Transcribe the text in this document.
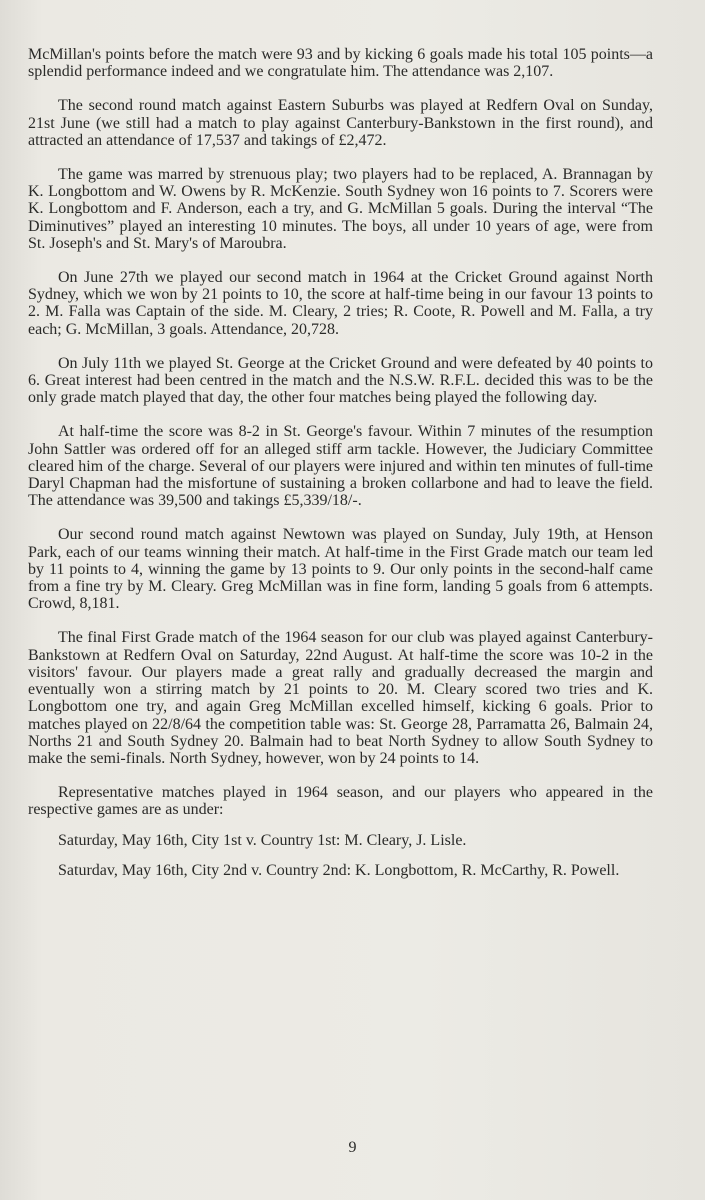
McMillan's points before the match were 93 and by kicking 6 goals made his total 105 points—a splendid performance indeed and we congratulate him. The attendance was 2,107.

The second round match against Eastern Suburbs was played at Redfern Oval on Sunday, 21st June (we still had a match to play against Canterbury-Bankstown in the first round), and attracted an attendance of 17,537 and takings of £2,472.

The game was marred by strenuous play; two players had to be replaced, A. Brannagan by K. Longbottom and W. Owens by R. McKenzie. South Sydney won 16 points to 7. Scorers were K. Longbottom and F. Anderson, each a try, and G. McMillan 5 goals. During the interval “The Diminutives” played an interesting 10 minutes. The boys, all under 10 years of age, were from St. Joseph's and St. Mary's of Maroubra.

On June 27th we played our second match in 1964 at the Cricket Ground against North Sydney, which we won by 21 points to 10, the score at half-time being in our favour 13 points to 2. M. Falla was Captain of the side. M. Cleary, 2 tries; R. Coote, R. Powell and M. Falla, a try each; G. McMillan, 3 goals. Attendance, 20,728.

On July 11th we played St. George at the Cricket Ground and were defeated by 40 points to 6. Great interest had been centred in the match and the N.S.W. R.F.L. decided this was to be the only grade match played that day, the other four matches being played the following day.

At half-time the score was 8-2 in St. George's favour. Within 7 minutes of the resumption John Sattler was ordered off for an alleged stiff arm tackle. However, the Judiciary Committee cleared him of the charge. Several of our players were injured and within ten minutes of full-time Daryl Chapman had the misfortune of sustaining a broken collarbone and had to leave the field. The attendance was 39,500 and takings £5,339/18/-.

Our second round match against Newtown was played on Sunday, July 19th, at Henson Park, each of our teams winning their match. At half-time in the First Grade match our team led by 11 points to 4, winning the game by 13 points to 9. Our only points in the second-half came from a fine try by M. Cleary. Greg McMillan was in fine form, landing 5 goals from 6 attempts. Crowd, 8,181.

The final First Grade match of the 1964 season for our club was played against Canterbury-Bankstown at Redfern Oval on Saturday, 22nd August. At half-time the score was 10-2 in the visitors' favour. Our players made a great rally and gradually decreased the margin and eventually won a stirring match by 21 points to 20. M. Cleary scored two tries and K. Longbottom one try, and again Greg McMillan excelled himself, kicking 6 goals. Prior to matches played on 22/8/64 the competition table was: St. George 28, Parramatta 26, Balmain 24, Norths 21 and South Sydney 20. Balmain had to beat North Sydney to allow South Sydney to make the semi-finals. North Sydney, however, won by 24 points to 14.

Representative matches played in 1964 season, and our players who appeared in the respective games are as under:

Saturday, May 16th, City 1st v. Country 1st: M. Cleary, J. Lisle.

Saturdav, May 16th, City 2nd v. Country 2nd: K. Longbottom, R. McCarthy, R. Powell.

9
